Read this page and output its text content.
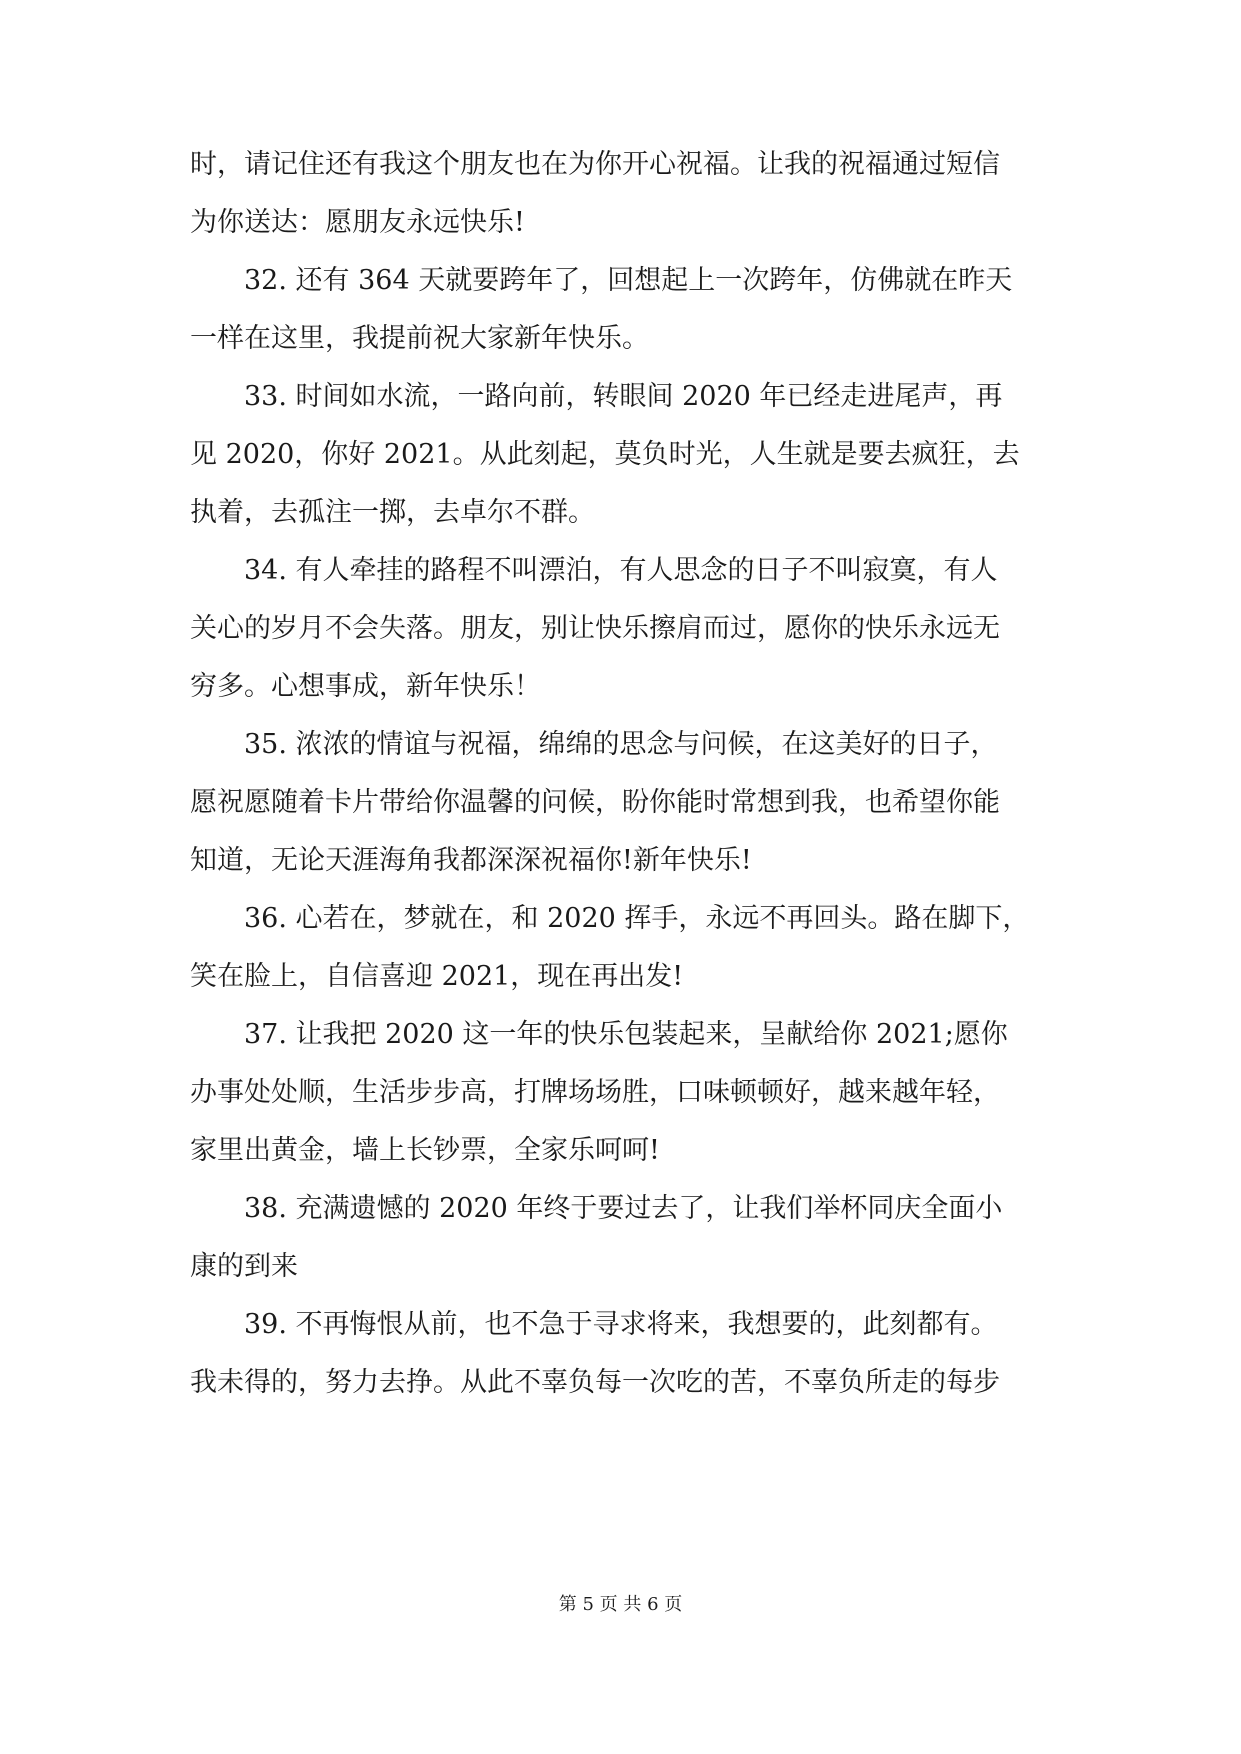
时，请记住还有我这个朋友也在为你开心祝福。让我的祝福通过短信
为你送达：愿朋友永远快乐!
32. 还有 364 天就要跨年了，回想起上一次跨年，仿佛就在昨天
一样在这里，我提前祝大家新年快乐。
33. 时间如水流，一路向前，转眼间 2020 年已经走进尾声，再
见 2020，你好 2021。从此刻起，莫负时光，人生就是要去疯狂，去
执着，去孤注一掷，去卓尔不群。
34. 有人牵挂的路程不叫漂泊，有人思念的日子不叫寂寞，有人
关心的岁月不会失落。朋友，别让快乐擦肩而过，愿你的快乐永远无
穷多。心想事成，新年快乐！
35. 浓浓的情谊与祝福，绵绵的思念与问候，在这美好的日子，
愿祝愿随着卡片带给你温馨的问候，盼你能时常想到我，也希望你能
知道，无论天涯海角我都深深祝福你!新年快乐!
36. 心若在，梦就在，和 2020 挥手，永远不再回头。路在脚下，
笑在脸上，自信喜迎 2021，现在再出发!
37. 让我把 2020 这一年的快乐包装起来，呈献给你 2021;愿你
办事处处顺，生活步步高，打牌场场胜，口味顿顿好，越来越年轻，
家里出黄金，墙上长钞票，全家乐呵呵!
38. 充满遗憾的 2020 年终于要过去了，让我们举杯同庆全面小
康的到来
39. 不再悔恨从前，也不急于寻求将来，我想要的，此刻都有。
我未得的，努力去挣。从此不辜负每一次吃的苦，不辜负所走的每步
第 5 页 共 6 页
